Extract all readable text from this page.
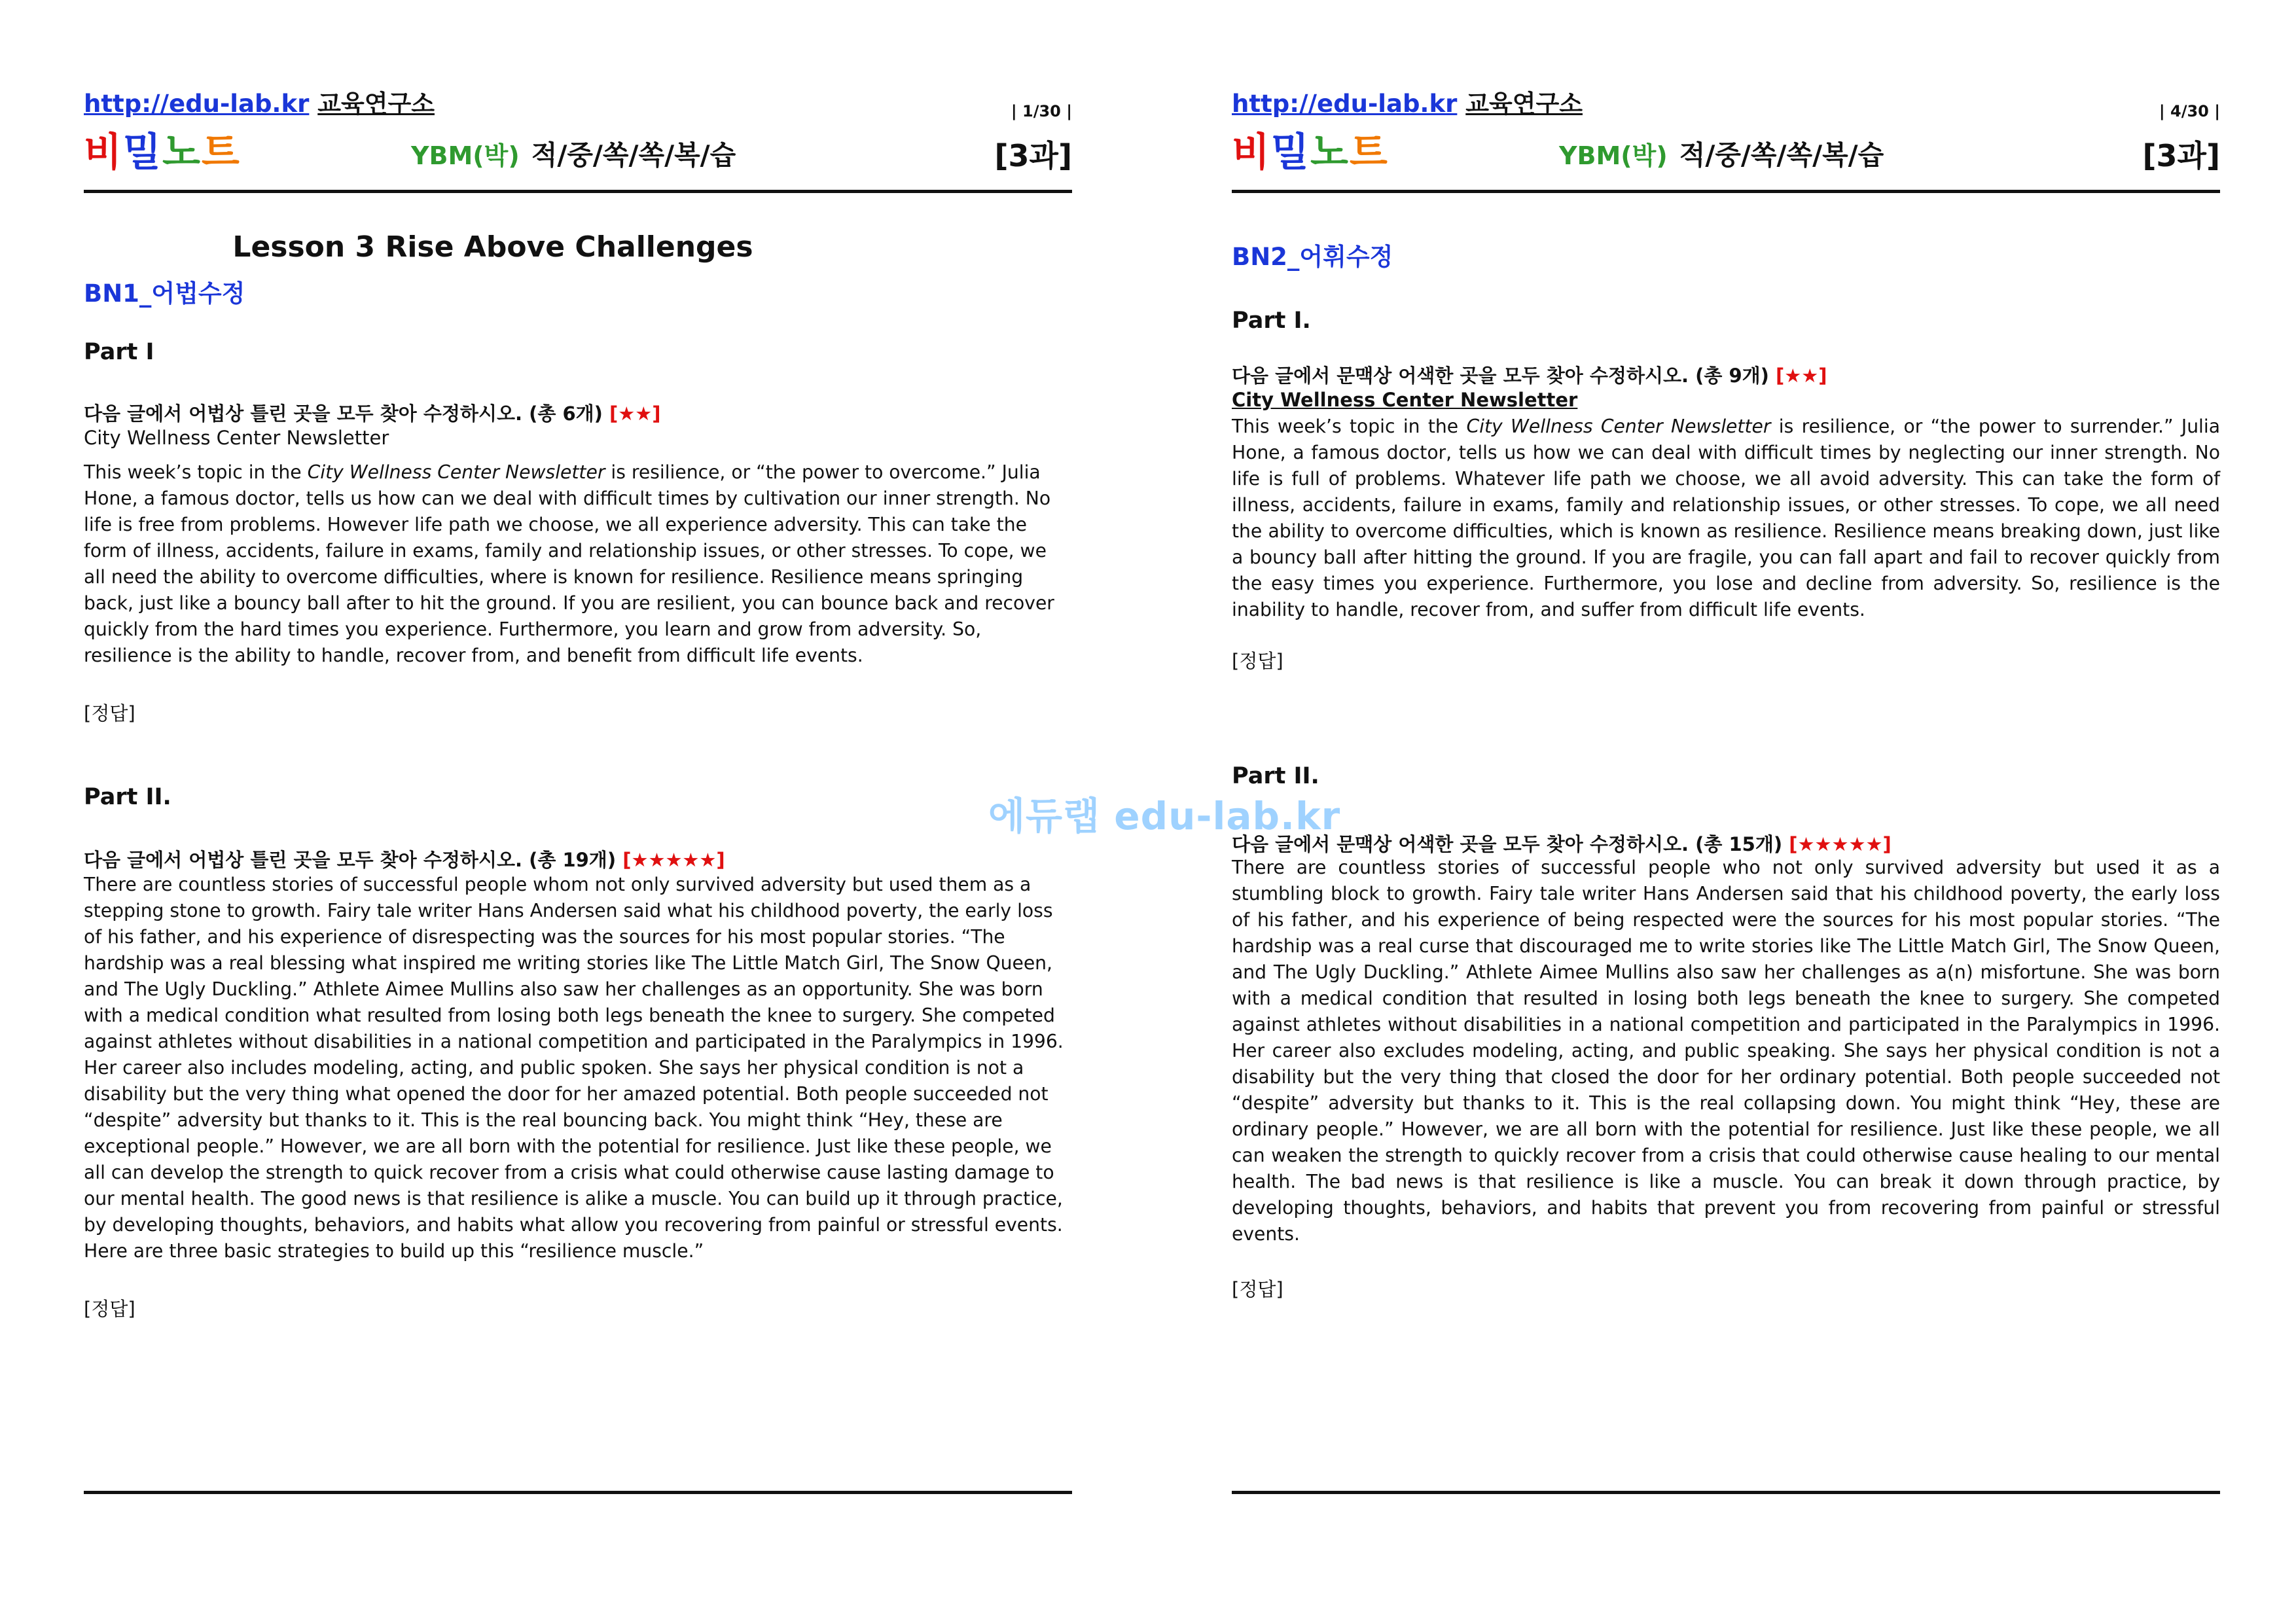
http://edu-lab.kr 교육연구소	| 1/30 |
비밀노트	YBM(박) 적/중/쏙/쏙/복/습	[3과]
Lesson 3 Rise Above Challenges
BN1_어법수정
Part I
다음 글에서 어법상 틀린 곳을 모두 찾아 수정하시오. (총 6개) [★★]
City Wellness Center Newsletter

This week’s topic in the City Wellness Center Newsletter is resilience, or “the power to overcome.” Julia Hone, a famous doctor, tells us how can we deal with difficult times by cultivation our inner strength. No life is free from problems. However life path we choose, we all experience adversity. This can take the form of illness, accidents, failure in exams, family and relationship issues, or other stresses. To cope, we all need the ability to overcome difficulties, where is known for resilience. Resilience means springing back, just like a bouncy ball after to hit the ground. If you are resilient, you can bounce back and recover quickly from the hard times you experience. Furthermore, you learn and grow from adversity. So, resilience is the ability to handle, recover from, and benefit from difficult life events.

[정답]
Part II.
다음 글에서 어법상 틀린 곳을 모두 찾아 수정하시오. (총 19개) [★★★★★]

There are countless stories of successful people whom not only survived adversity but used them as a stepping stone to growth. Fairy tale writer Hans Andersen said what his childhood poverty, the early loss of his father, and his experience of disrespecting was the sources for his most popular stories. “The hardship was a real blessing what inspired me writing stories like The Little Match Girl, The Snow Queen, and The Ugly Duckling.” Athlete Aimee Mullins also saw her challenges as an opportunity. She was born with a medical condition what resulted from losing both legs beneath the knee to surgery. She competed against athletes without disabilities in a national competition and participated in the Paralympics in 1996. Her career also includes modeling, acting, and public spoken. She says her physical condition is not a disability but the very thing what opened the door for her amazed potential. Both people succeeded not “despite” adversity but thanks to it. This is the real bouncing back. You might think “Hey, these are exceptional people.” However, we are all born with the potential for resilience. Just like these people, we all can develop the strength to quick recover from a crisis what could otherwise cause lasting damage to our mental health. The good news is that resilience is alike a muscle. You can build up it through practice, by developing thoughts, behaviors, and habits what allow you recovering from painful or stressful events. Here are three basic strategies to build up this “resilience muscle.”

[정답]
http://edu-lab.kr 교육연구소	| 4/30 |
비밀노트	YBM(박) 적/중/쏙/쏙/복/습	[3과]
BN2_어휘수정
Part I.
다음 글에서 문맥상 어색한 곳을 모두 찾아 수정하시오. (총 9개) [★★]
City Wellness Center Newsletter

This week’s topic in the City Wellness Center Newsletter is resilience, or “the power to surrender.” Julia Hone, a famous doctor, tells us how we can deal with difficult times by neglecting our inner strength. No life is full of problems. Whatever life path we choose, we all avoid adversity. This can take the form of illness, accidents, failure in exams, family and relationship issues, or other stresses. To cope, we all need the ability to overcome difficulties, which is known as resilience. Resilience means breaking down, just like a bouncy ball after hitting the ground. If you are fragile, you can fall apart and fail to recover quickly from the easy times you experience. Furthermore, you lose and decline from adversity. So, resilience is the inability to handle, recover from, and suffer from difficult life events.

[정답]
Part II.
다음 글에서 문맥상 어색한 곳을 모두 찾아 수정하시오. (총 15개) [★★★★★]

There are countless stories of successful people who not only survived adversity but used it as a stumbling block to growth. Fairy tale writer Hans Andersen said that his childhood poverty, the early loss of his father, and his experience of being respected were the sources for his most popular stories. “The hardship was a real curse that discouraged me to write stories like The Little Match Girl, The Snow Queen, and The Ugly Duckling.” Athlete Aimee Mullins also saw her challenges as a(n) misfortune. She was born with a medical condition that resulted in losing both legs beneath the knee to surgery. She competed against athletes without disabilities in a national competition and participated in the Paralympics in 1996. Her career also excludes modeling, acting, and public speaking. She says her physical condition is not a disability but the very thing that closed the door for her ordinary potential. Both people succeeded not “despite” adversity but thanks to it. This is the real collapsing down. You might think “Hey, these are ordinary people.” However, we are all born with the potential for resilience. Just like these people, we all can weaken the strength to quickly recover from a crisis that could otherwise cause healing to our mental health. The bad news is that resilience is like a muscle. You can break it down through practice, by developing thoughts, behaviors, and habits that prevent you from recovering from painful or stressful events.

[정답]
에듀랩 edu-lab.kr
